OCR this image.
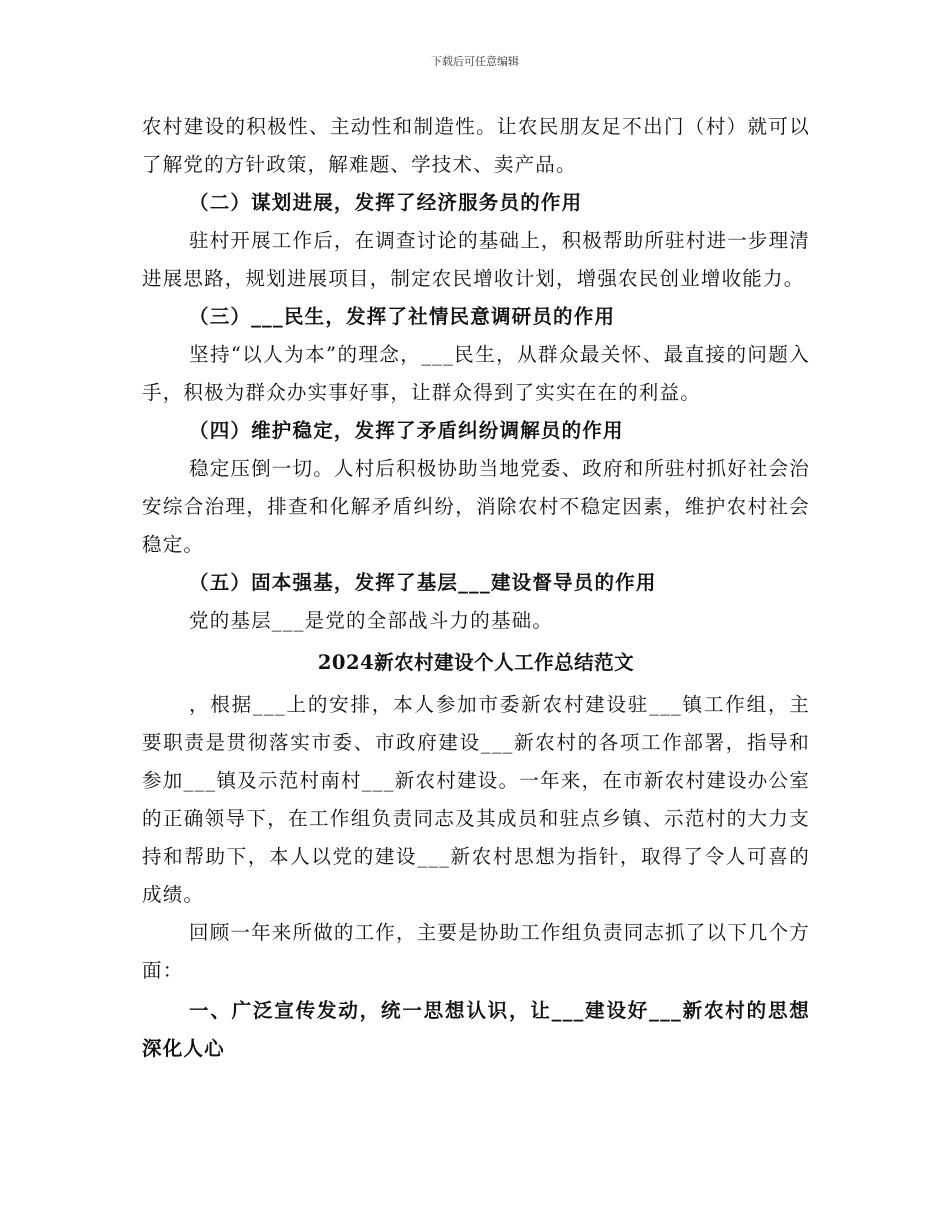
下载后可任意编辑

农村建设的积极性、主动性和制造性。让农民朋友足不出门（村）就可以了解党的方针政策，解难题、学技术、卖产品。

（二）谋划进展，发挥了经济服务员的作用

驻村开展工作后，在调查讨论的基础上，积极帮助所驻村进一步理清进展思路，规划进展项目，制定农民增收计划，增强农民创业增收能力。

（三）___民生，发挥了社情民意调研员的作用

坚持“以人为本”的理念，___民生，从群众最关怀、最直接的问题入手，积极为群众办实事好事，让群众得到了实实在在的利益。

（四）维护稳定，发挥了矛盾纠纷调解员的作用

稳定压倒一切。人村后积极协助当地党委、政府和所驻村抓好社会治安综合治理，排查和化解矛盾纠纷，消除农村不稳定因素，维护农村社会稳定。

（五）固本强基，发挥了基层___建设督导员的作用

党的基层___是党的全部战斗力的基础。

2024新农村建设个人工作总结范文

，根据___上的安排，本人参加市委新农村建设驻___镇工作组，主要职责是贯彻落实市委、市政府建设___新农村的各项工作部署，指导和参加___镇及示范村南村___新农村建设。一年来，在市新农村建设办公室的正确领导下，在工作组负责同志及其成员和驻点乡镇、示范村的大力支持和帮助下，本人以党的建设___新农村思想为指针，取得了令人可喜的成绩。

回顾一年来所做的工作，主要是协助工作组负责同志抓了以下几个方面：

一、广泛宣传发动，统一思想认识，让___建设好___新农村的思想深化人心
